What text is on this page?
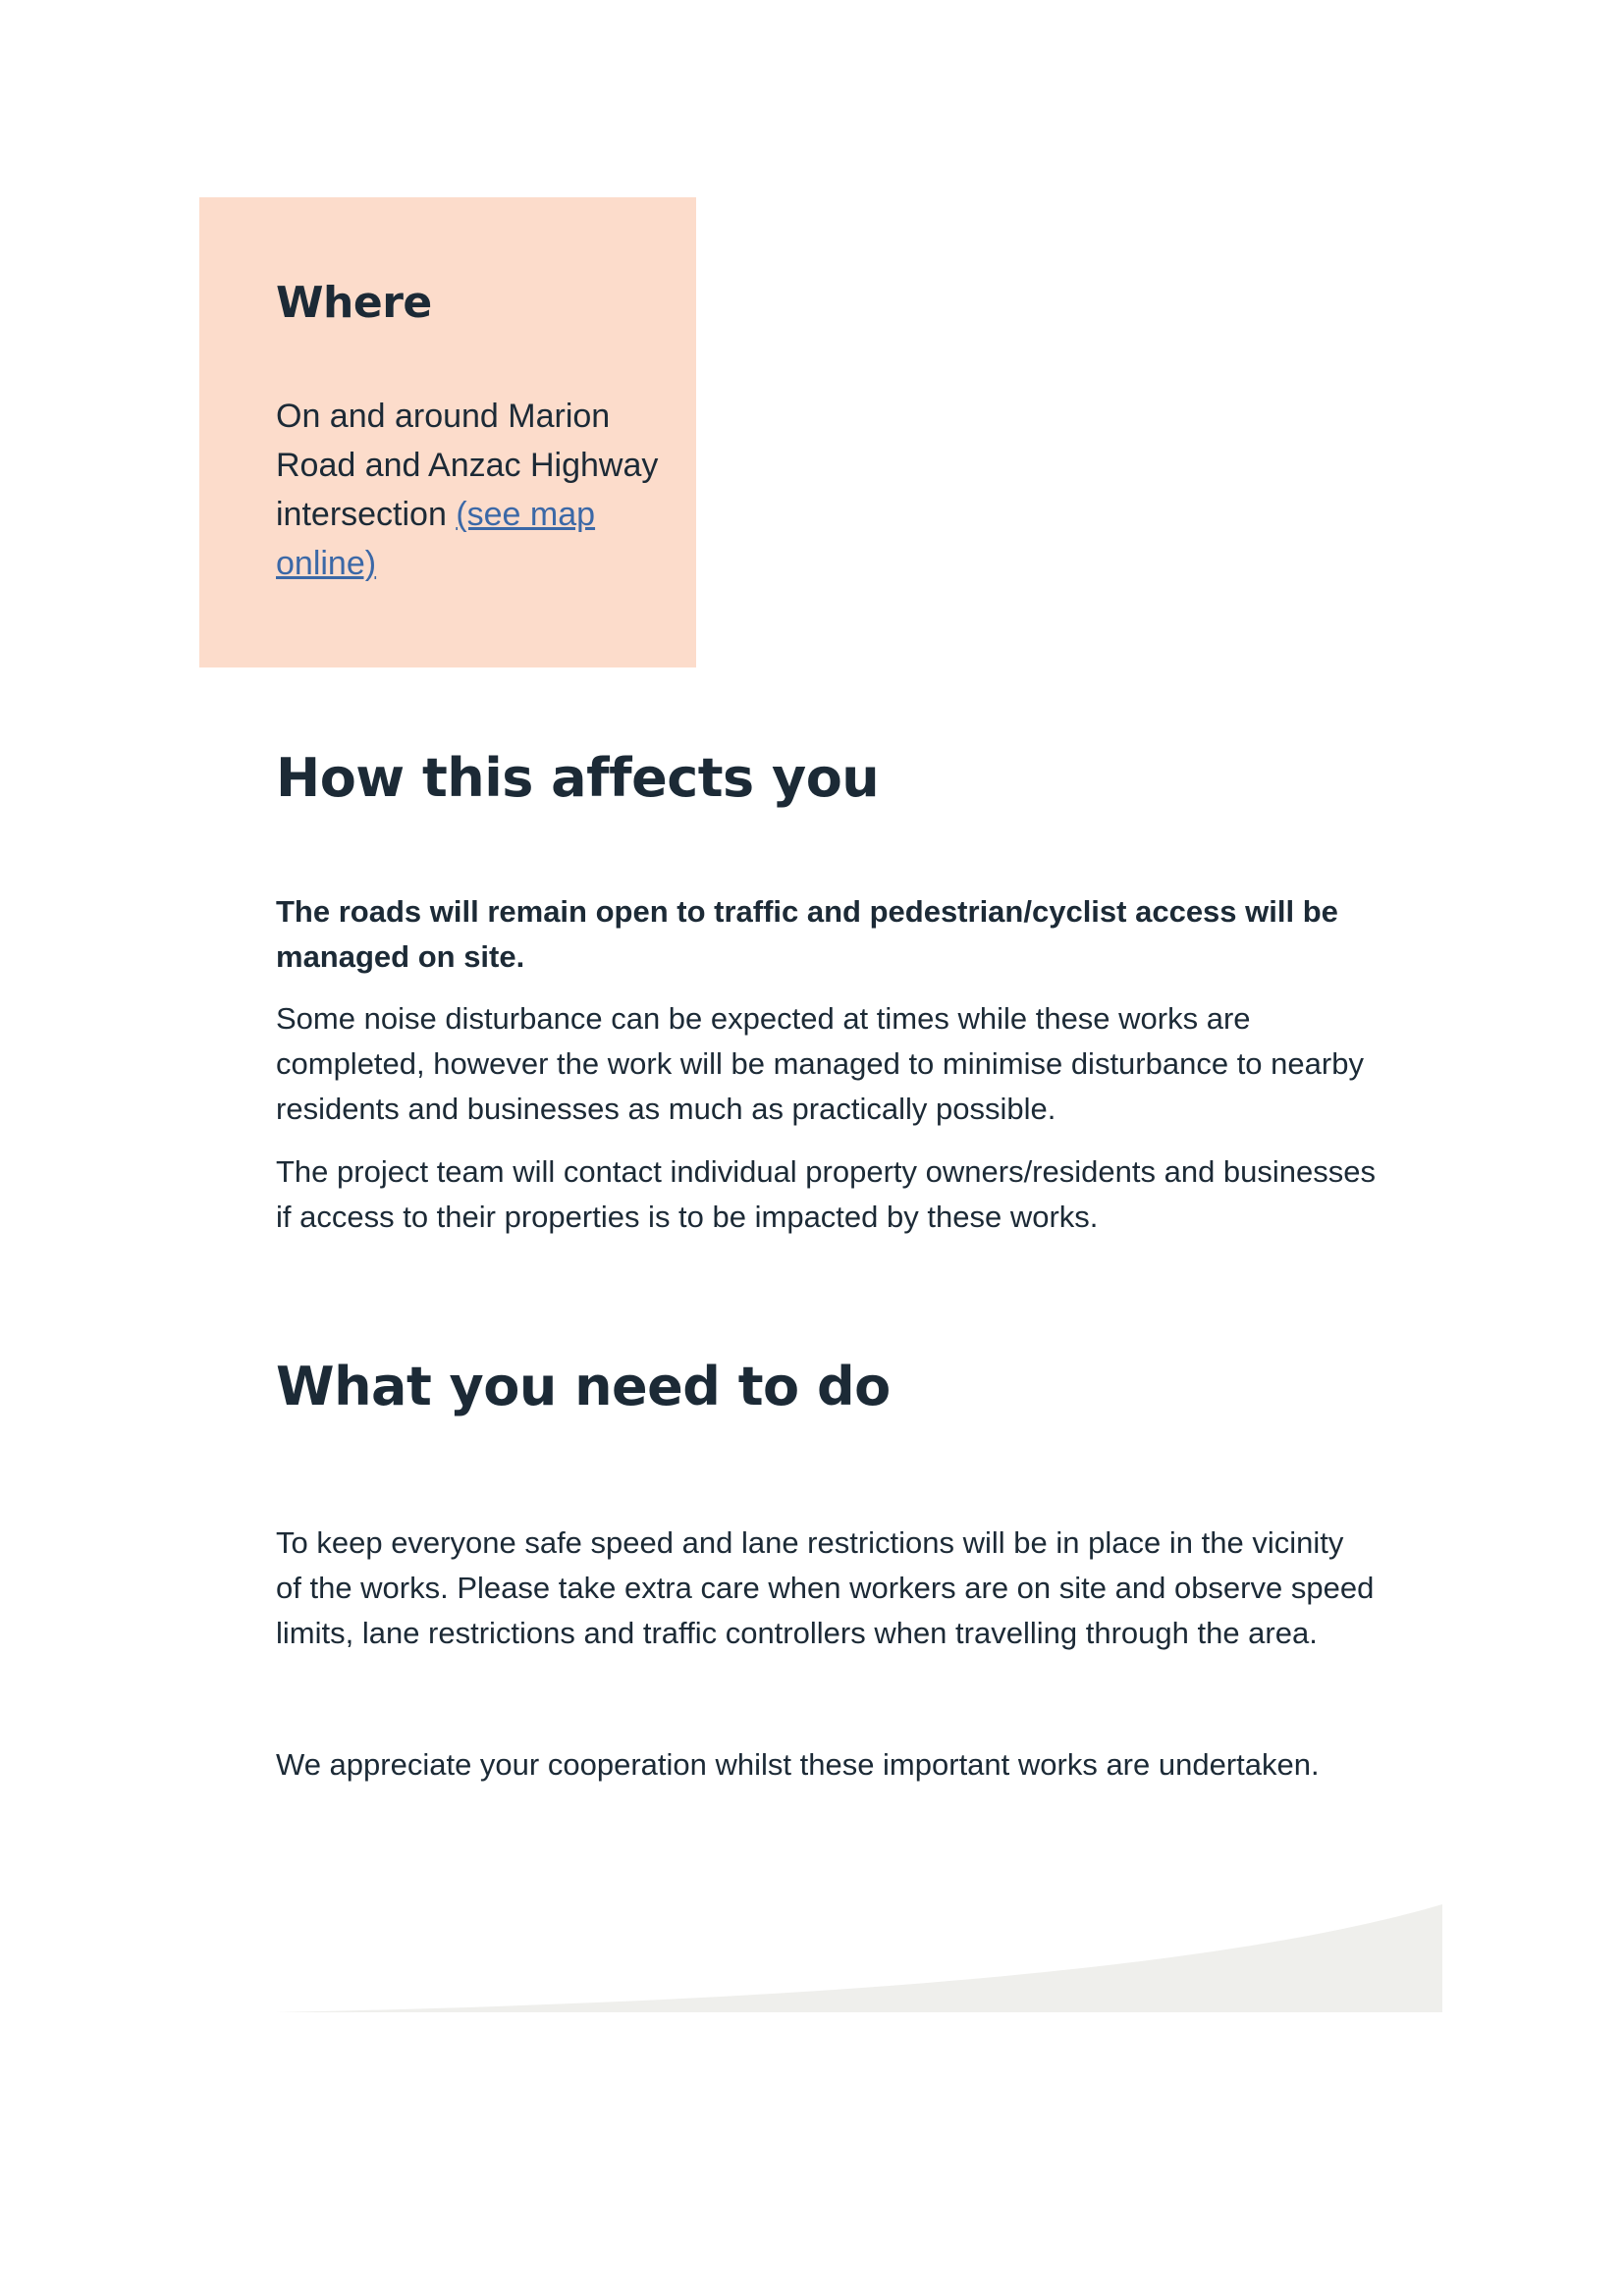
Where

On and around Marion Road and Anzac Highway intersection (see map online)

How this affects you

The roads will remain open to traffic and pedestrian/cyclist access will be managed on site.

Some noise disturbance can be expected at times while these works are completed, however the work will be managed to minimise disturbance to nearby residents and businesses as much as practically possible.

The project team will contact individual property owners/residents and businesses if access to their properties is to be impacted by these works.

What you need to do

To keep everyone safe speed and lane restrictions will be in place in the vicinity of the works. Please take extra care when workers are on site and observe speed limits, lane restrictions and traffic controllers when travelling through the area.

We appreciate your cooperation whilst these important works are undertaken.
